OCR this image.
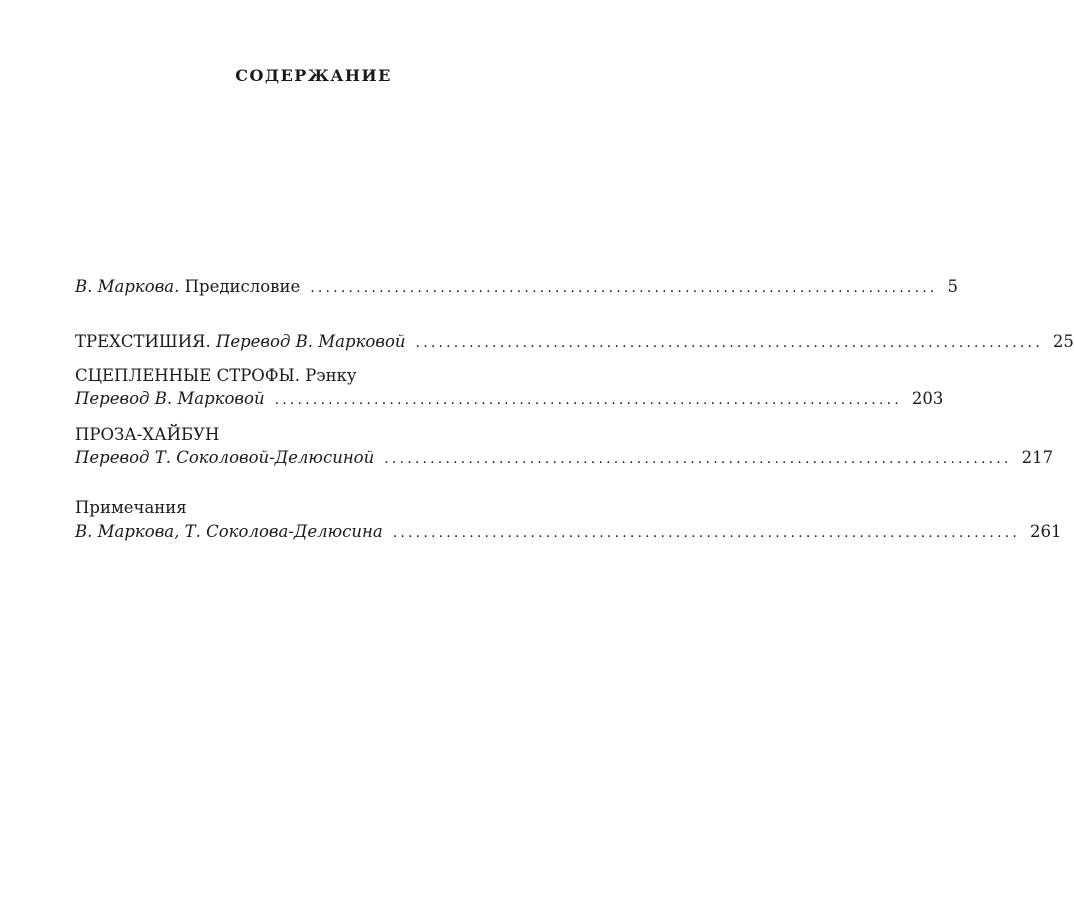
СОДЕРЖАНИЕ
В. Маркова. Предисловие .................................................................................. 5
ТРЕХСТИШИЯ. Перевод В. Марковой .................................................................................. 25
СЦЕПЛЕННЫЕ СТРОФЫ. Рэнку
Перевод В. Марковой .................................................................................. 203
ПРОЗА-ХАЙБУН
Перевод Т. Соколовой-Делюсиной .................................................................................. 217
Примечания
В. Маркова, Т. Соколова-Делюсина .................................................................................. 261
